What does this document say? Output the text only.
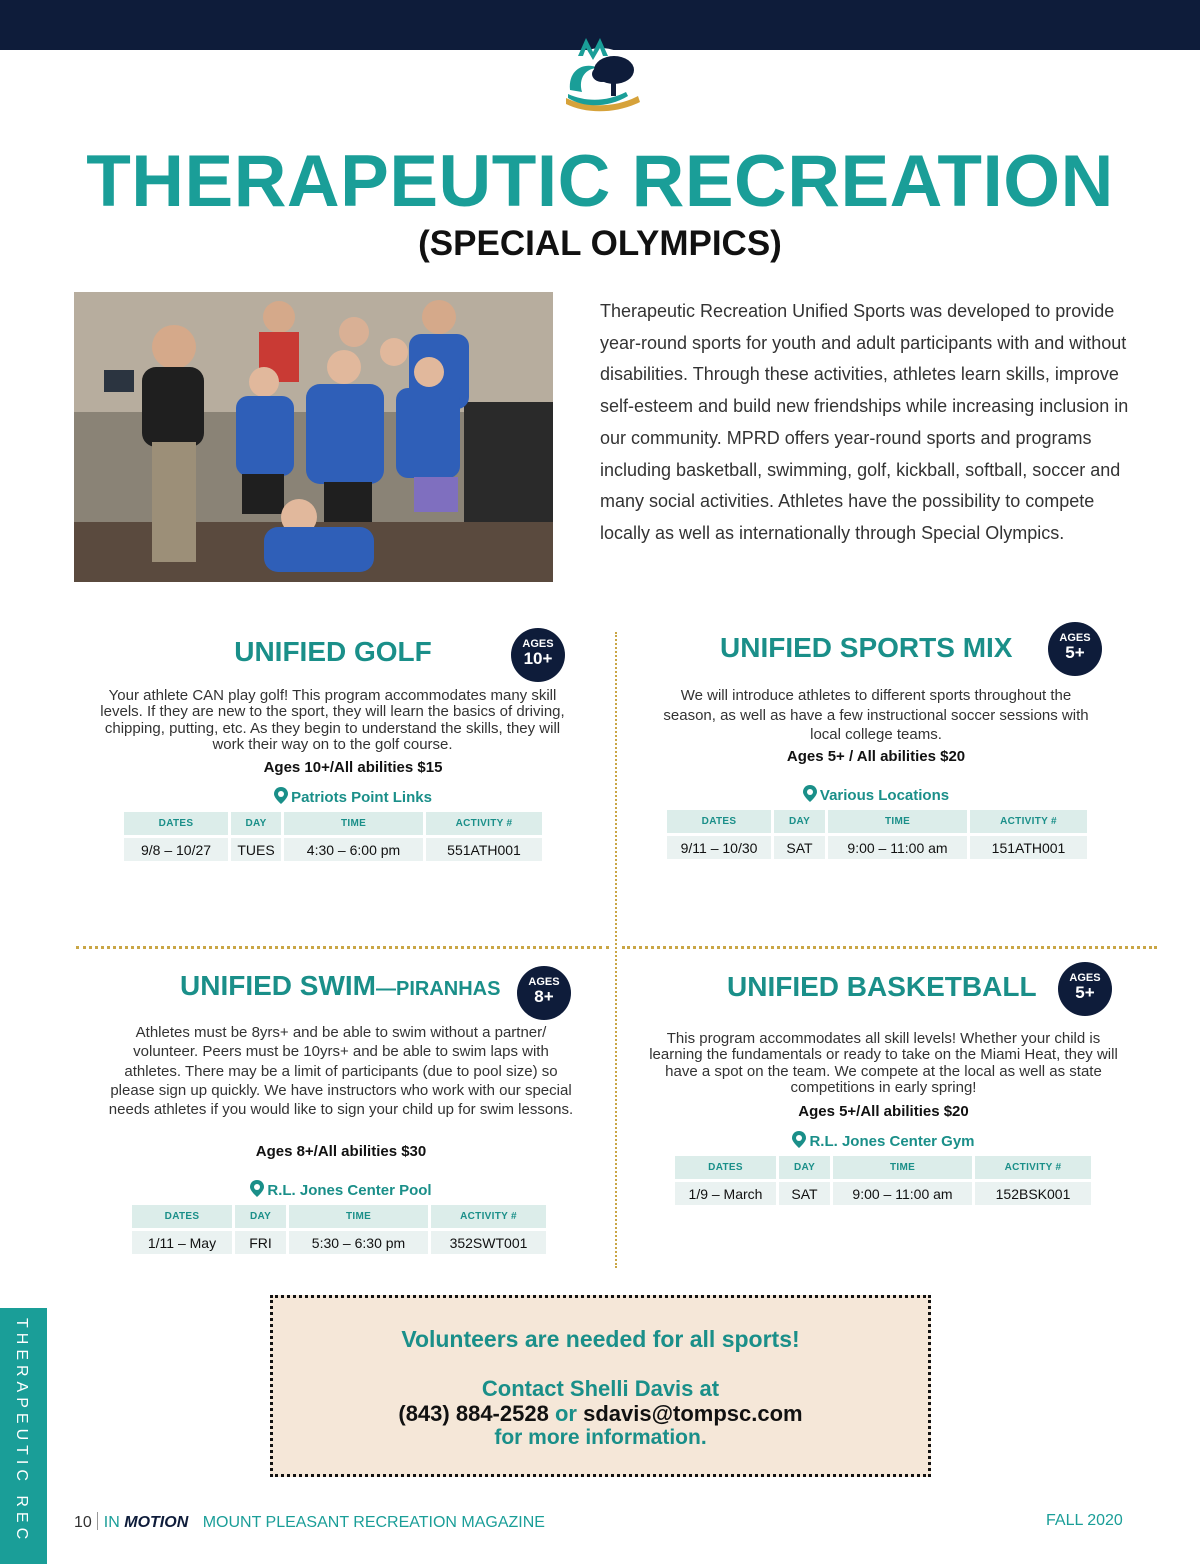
THERAPEUTIC RECREATION
(SPECIAL OLYMPICS)
Therapeutic Recreation Unified Sports was developed to provide year-round sports for youth and adult participants with and without disabilities. Through these activities, athletes learn skills, improve self-esteem and build new friendships while increasing inclusion in our community. MPRD offers year-round sports and programs including basketball, swimming, golf, kickball, softball, soccer and many social activities. Athletes have the possibility to compete locally as well as internationally through Special Olympics.
UNIFIED GOLF	AGES
10+
Your athlete CAN play golf! This program accommodates many skill levels. If they are new to the sport, they will learn the basics of driving, chipping, putting, etc. As they begin to understand the skills, they will work their way on to the golf course.
Ages 10+/All abilities $15
Patriots Point Links
DATES	DAY	TIME	ACTIVITY #
9/8 – 10/27	TUES	4:30 – 6:00 pm	551ATH001
UNIFIED SPORTS MIX	AGES
5+
We will introduce athletes to different sports throughout the season, as well as have a few instructional soccer sessions with local college teams.
Ages 5+ / All abilities $20
Various Locations
DATES	DAY	TIME	ACTIVITY #
9/11 – 10/30	SAT	9:00 – 11:00 am	151ATH001
UNIFIED SWIM—PIRANHAS	AGES
8+
Athletes must be 8yrs+ and be able to swim without a partner/ volunteer. Peers must be 10yrs+ and be able to swim laps with athletes. There may be a limit of participants (due to pool size) so please sign up quickly. We have instructors who work with our special needs athletes if you would like to sign your child up for swim lessons.
Ages 8+/All abilities $30
R.L. Jones Center Pool
DATES	DAY	TIME	ACTIVITY #
1/11 – May	FRI	5:30 – 6:30 pm	352SWT001
UNIFIED BASKETBALL	AGES
5+
This program accommodates all skill levels! Whether your child is learning the fundamentals or ready to take on the Miami Heat, they will have a spot on the team. We compete at the local as well as state competitions in early spring!
Ages 5+/All abilities $20
R.L. Jones Center Gym
DATES	DAY	TIME	ACTIVITY #
1/9 – March	SAT	9:00 – 11:00 am	152BSK001
Volunteers are needed for all sports!
Contact Shelli Davis at
(843) 884-2528 or sdavis@tompsc.com
for more information.
THERAPEUTIC REC	10 IN MOTION MOUNT PLEASANT RECREATION MAGAZINE	FALL 2020
